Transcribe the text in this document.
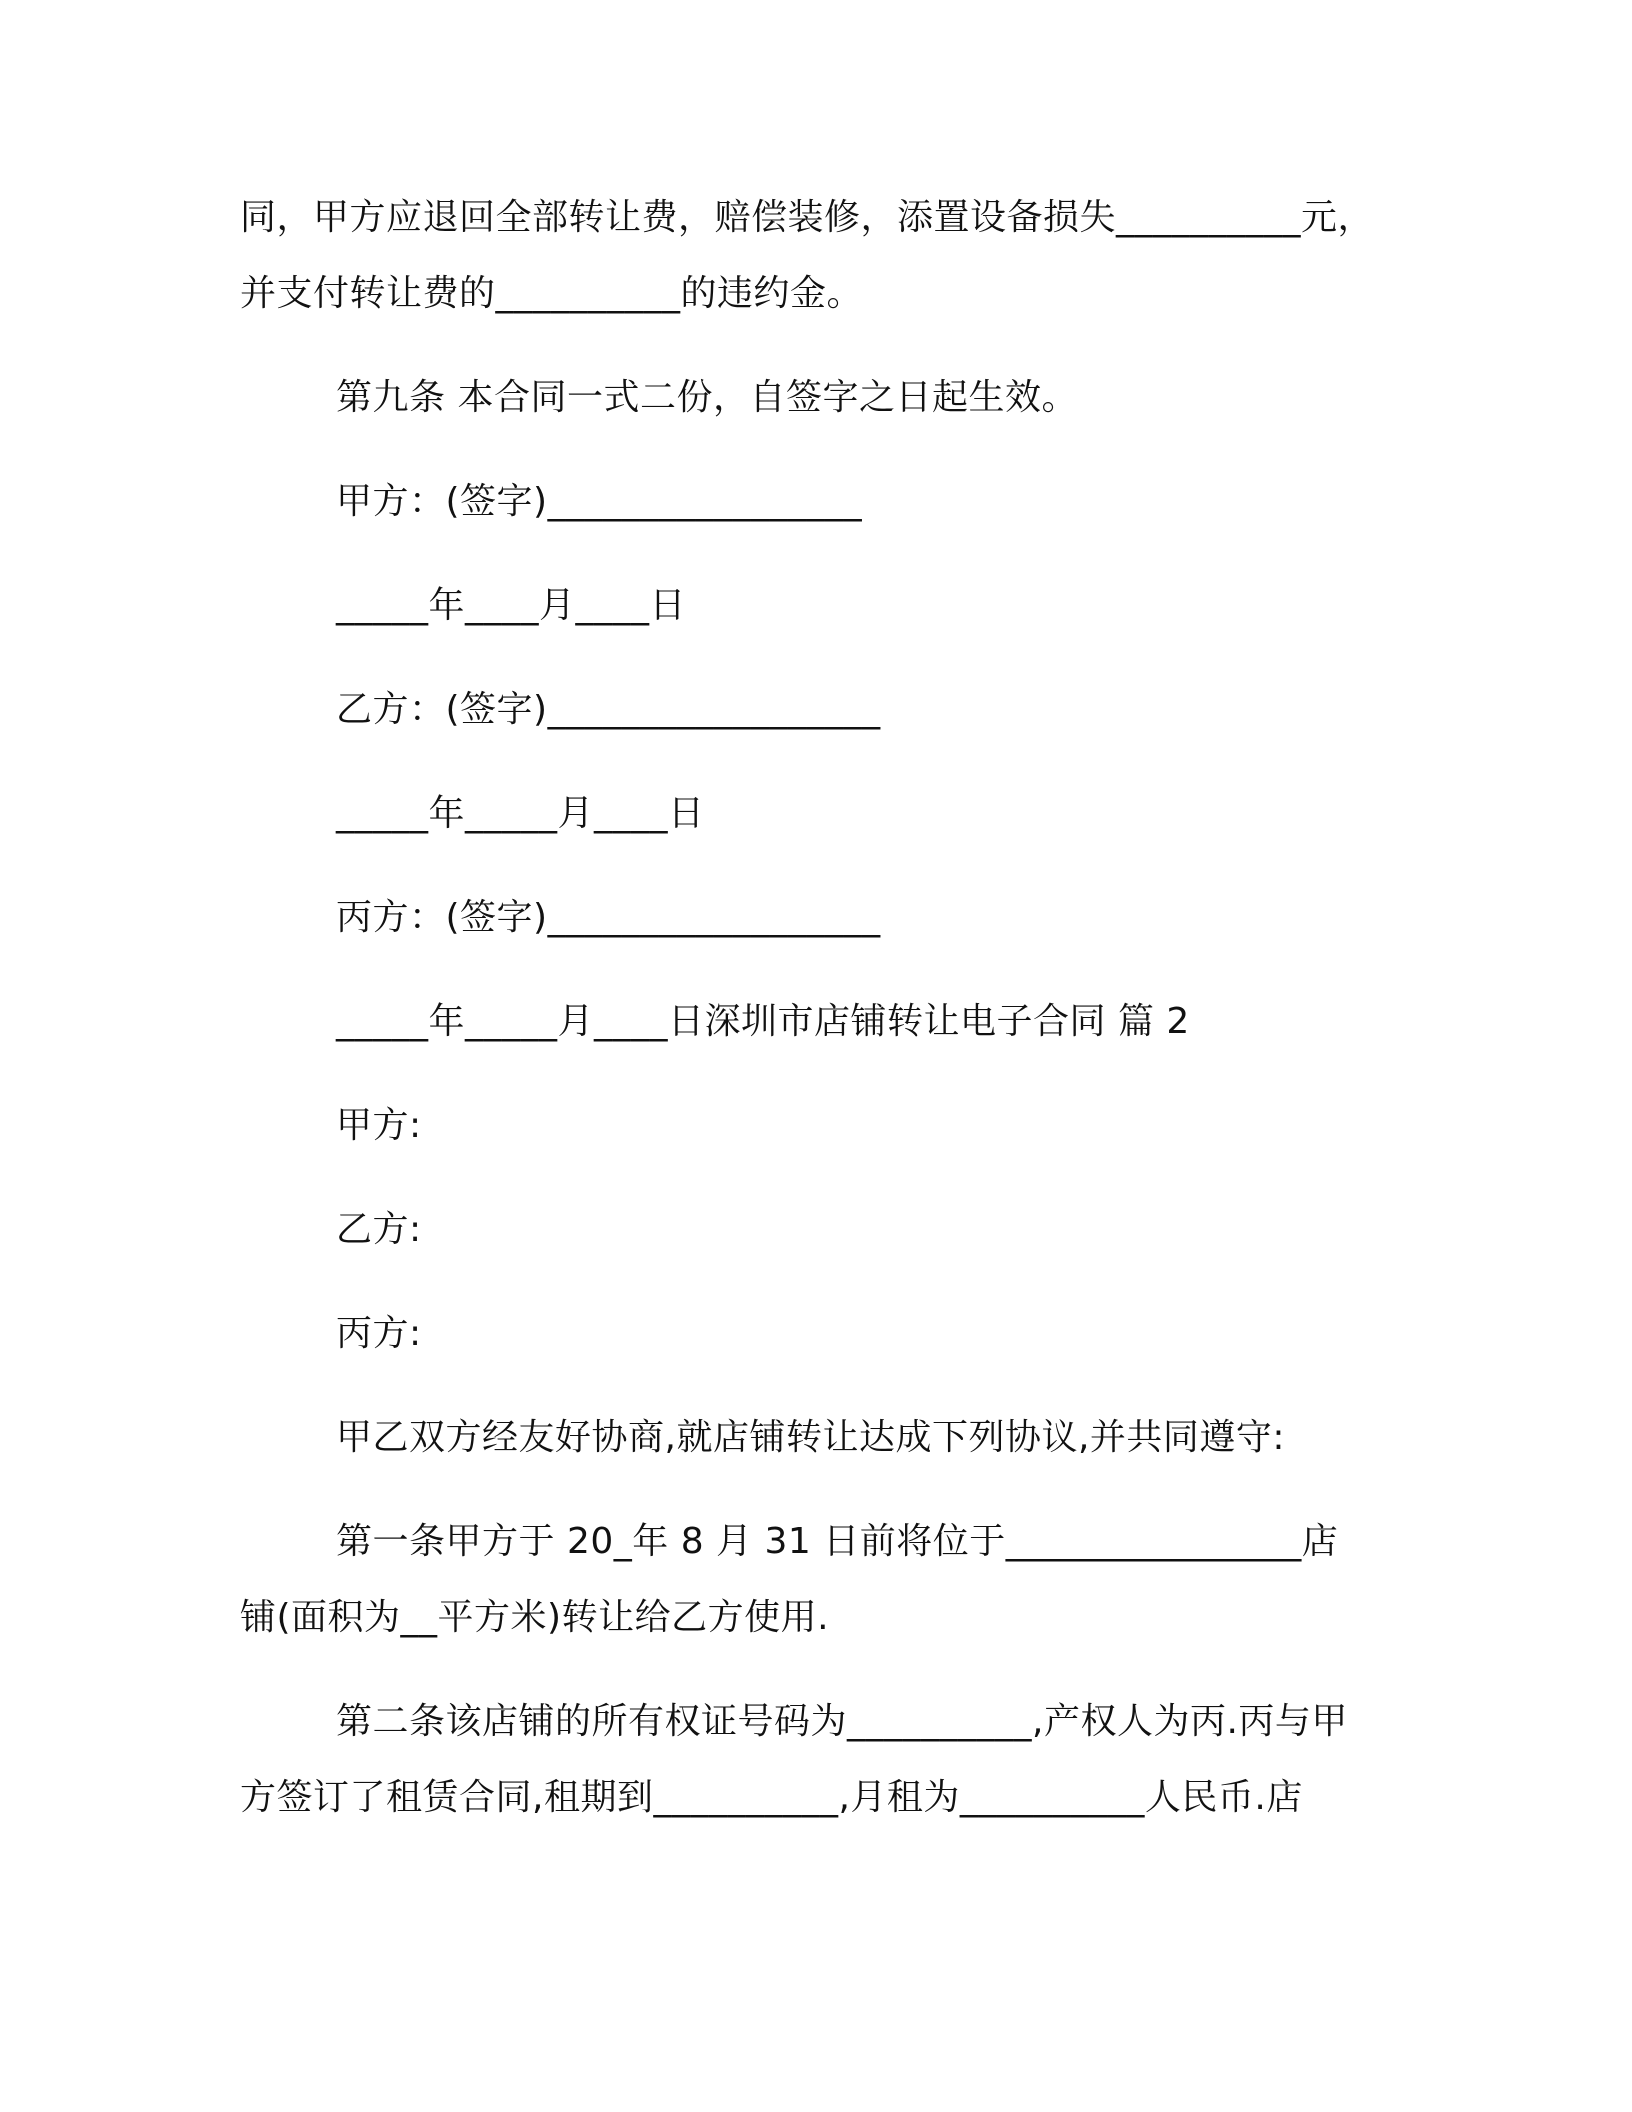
同，甲方应退回全部转让费，赔偿装修，添置设备损失__________元，
并支付转让费的__________的违约金。
第九条 本合同一式二份，自签字之日起生效。
甲方：(签字)_________________
_____年____月____日
乙方：(签字)__________________
_____年_____月____日
丙方：(签字)__________________
_____年_____月____日深圳市店铺转让电子合同 篇 2
甲方:
乙方:
丙方:
甲乙双方经友好协商,就店铺转让达成下列协议,并共同遵守:
第一条甲方于 20_年 8 月 31 日前将位于________________店
铺(面积为__平方米)转让给乙方使用.
第二条该店铺的所有权证号码为__________,产权人为丙.丙与甲
方签订了租赁合同,租期到__________,月租为__________人民币.店
